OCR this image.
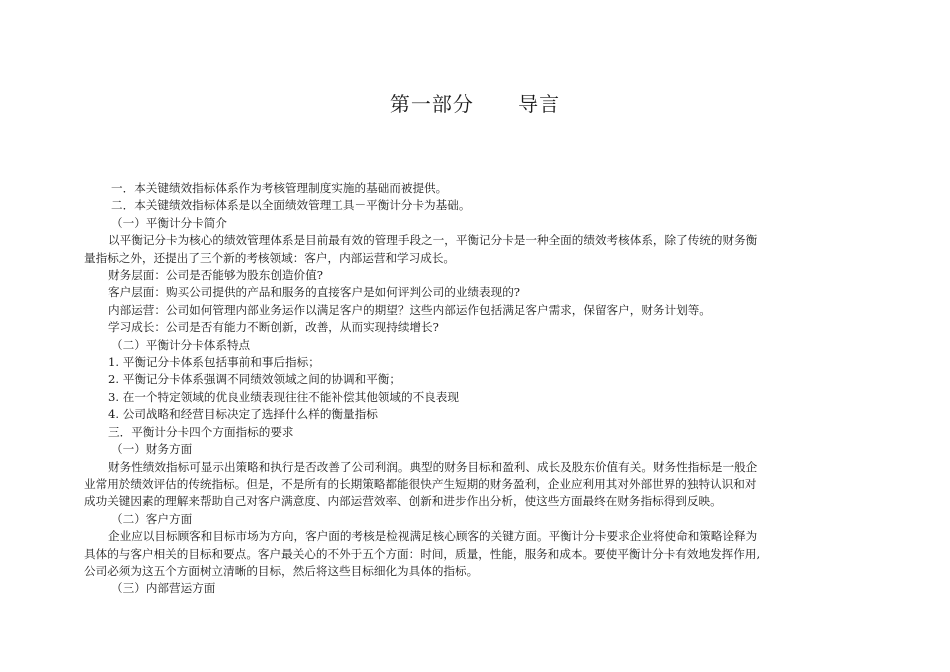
第一部分      导言

一．本关键绩效指标体系作为考核管理制度实施的基础而被提供。

二．本关键绩效指标体系是以全面绩效管理工具－平衡计分卡为基础。

（一）平衡计分卡简介

以平衡记分卡为核心的绩效管理体系是目前最有效的管理手段之一，平衡记分卡是一种全面的绩效考核体系，除了传统的财务衡
量指标之外，还提出了三个新的考核领域：客户，内部运营和学习成长。

财务层面：公司是否能够为股东创造价值?

客户层面：购买公司提供的产品和服务的直接客户是如何评判公司的业绩表现的?

内部运营：公司如何管理内部业务运作以满足客户的期望？这些内部运作包括满足客户需求，保留客户，财务计划等。

学习成长：公司是否有能力不断创新，改善，从而实现持续增长?

（二）平衡计分卡体系特点

1. 平衡记分卡体系包括事前和事后指标；

2. 平衡记分卡体系强调不同绩效领域之间的协调和平衡；

3. 在一个特定领域的优良业绩表现往往不能补偿其他领域的不良表现

4. 公司战略和经营目标决定了选择什么样的衡量指标

三．平衡计分卡四个方面指标的要求

（一）财务方面

财务性绩效指标可显示出策略和执行是否改善了公司利润。典型的财务目标和盈利、成长及股东价值有关。财务性指标是一般企
业常用於绩效评估的传统指标。但是，不是所有的长期策略都能很快产生短期的财务盈利，企业应利用其对外部世界的独特认识和对
成功关键因素的理解来帮助自己对客户满意度、内部运营效率、创新和进步作出分析，使这些方面最终在财务指标得到反映。

（二）客户方面

企业应以目标顾客和目标市场为方向，客户面的考核是检视满足核心顾客的关键方面。平衡计分卡要求企业将使命和策略诠释为
具体的与客户相关的目标和要点。客户最关心的不外于五个方面：时间，质量，性能，服务和成本。要使平衡计分卡有效地发挥作用,
公司必须为这五个方面树立清晰的目标，然后将这些目标细化为具体的指标。

（三）内部营运方面
